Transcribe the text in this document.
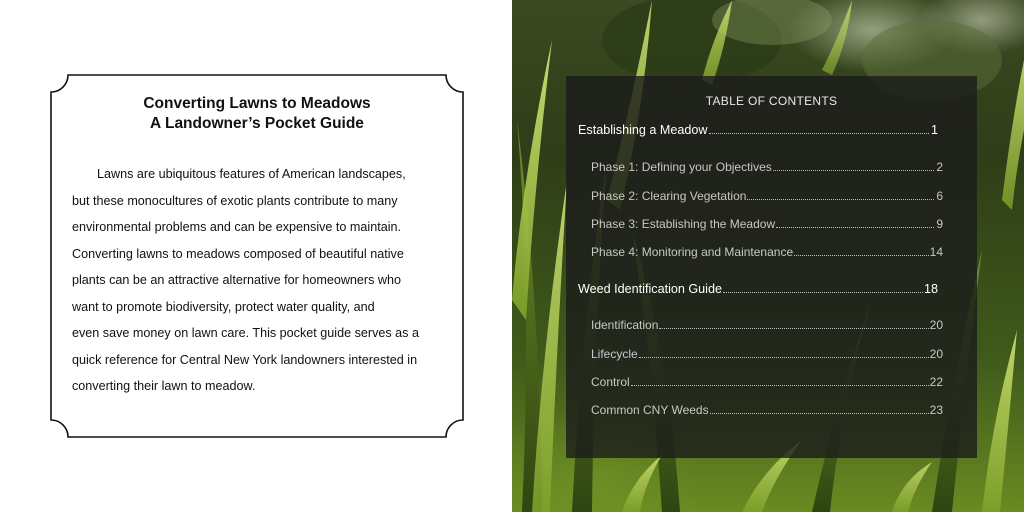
Converting Lawns to Meadows
A Landowner’s Pocket Guide
Lawns are ubiquitous features of American landscapes,
but these monocultures of exotic plants contribute to many
environmental problems and can be expensive to maintain.
Converting lawns to meadows composed of beautiful native
plants can be an attractive alternative for homeowners who
want to promote biodiversity, protect water quality, and
even save money on lawn care. This pocket guide serves as a
quick reference for Central New York landowners interested in
converting their lawn to meadow.
TABLE OF CONTENTS
Establishing a Meadow	1
Phase 1: Defining your Objectives	2
Phase 2: Clearing Vegetation	6
Phase 3: Establishing the Meadow	9
Phase 4: Monitoring and Maintenance	14
Weed Identification Guide	18
Identification	20
Lifecycle	20
Control	22
Common CNY Weeds	23
